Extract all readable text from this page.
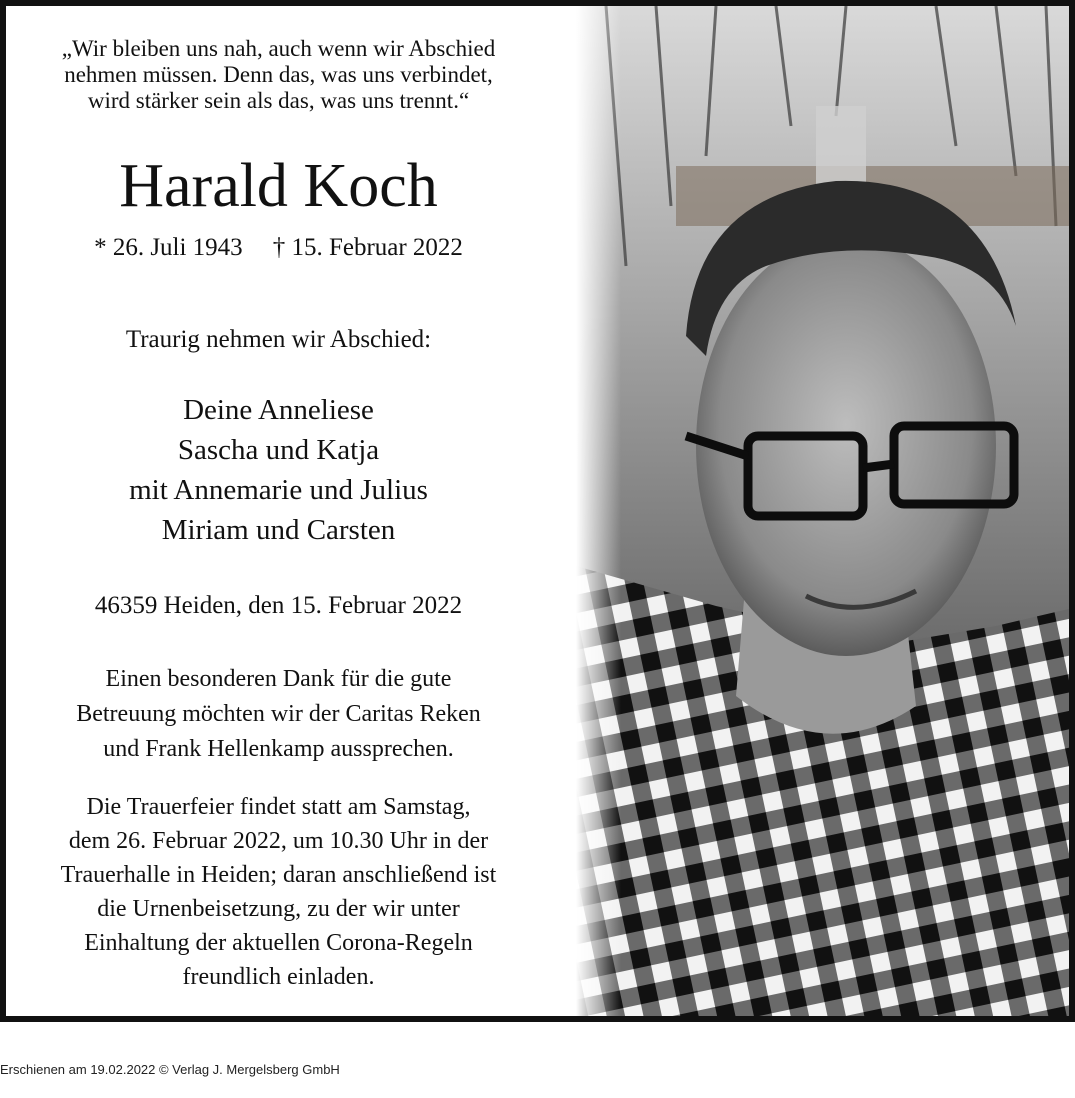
„Wir bleiben uns nah, auch wenn wir Abschied
nehmen müssen. Denn das, was uns verbindet,
wird stärker sein als das, was uns trennt.“
Harald Koch
* 26. Juli 1943 † 15. Februar 2022
Traurig nehmen wir Abschied:
Deine Anneliese
Sascha und Katja
mit Annemarie und Julius
Miriam und Carsten
46359 Heiden, den 15. Februar 2022
Einen besonderen Dank für die gute
Betreuung möchten wir der Caritas Reken
und Frank Hellenkamp aussprechen.
Die Trauerfeier findet statt am Samstag,
dem 26. Februar 2022, um 10.30 Uhr in der
Trauerhalle in Heiden; daran anschließend ist
die Urnenbeisetzung, zu der wir unter
Einhaltung der aktuellen Corona-Regeln
freundlich einladen.
Erschienen am 19.02.2022 © Verlag J. Mergelsberg GmbH
